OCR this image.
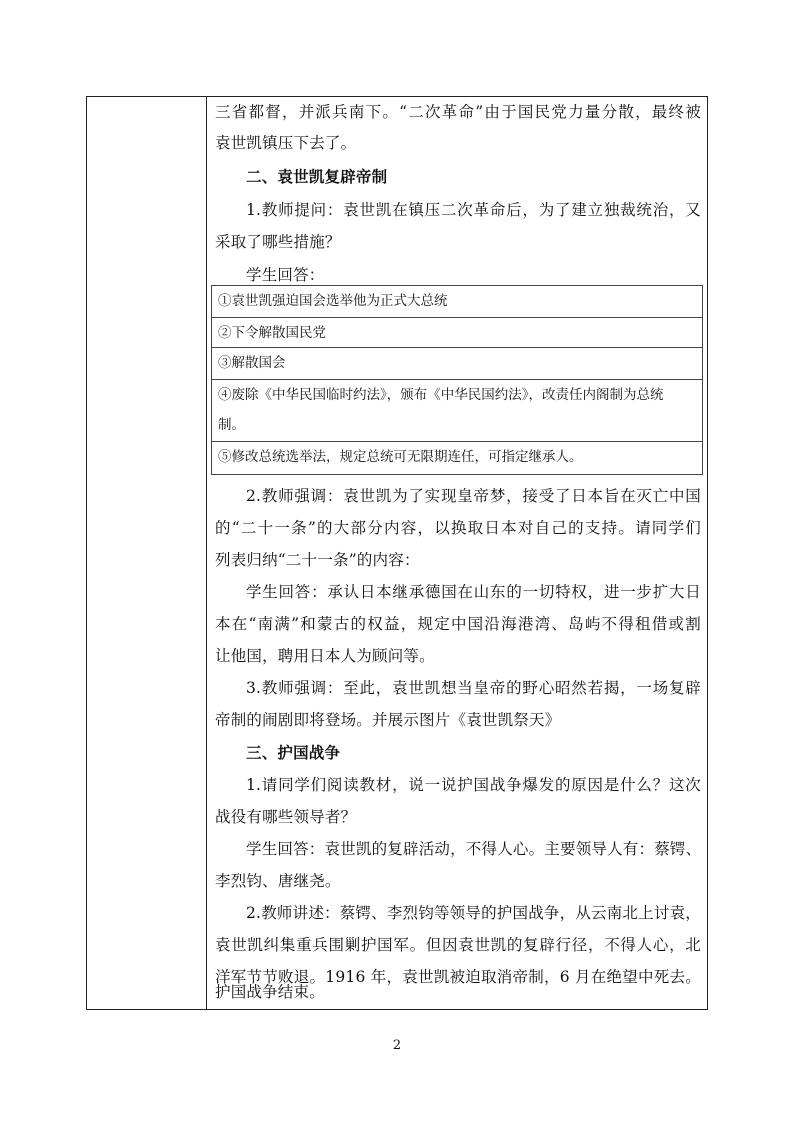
三省都督，并派兵南下。“二次革命”由于国民党力量分散，最终被
袁世凯镇压下去了。
二、袁世凯复辟帝制
1.教师提问：袁世凯在镇压二次革命后，为了建立独裁统治，又
采取了哪些措施？
学生回答：
2.教师强调：袁世凯为了实现皇帝梦，接受了日本旨在灭亡中国
的“二十一条”的大部分内容，以换取日本对自己的支持。请同学们
列表归纳“二十一条”的内容：
学生回答：承认日本继承德国在山东的一切特权，进一步扩大日
本在“南满”和蒙古的权益，规定中国沿海港湾、岛屿不得租借或割
让他国，聘用日本人为顾问等。
3.教师强调：至此，袁世凯想当皇帝的野心昭然若揭，一场复辟
帝制的闹剧即将登场。并展示图片《袁世凯祭天》
三、护国战争
1.请同学们阅读教材，说一说护国战争爆发的原因是什么？这次
战役有哪些领导者？
学生回答：袁世凯的复辟活动，不得人心。主要领导人有：蔡锷、
李烈钧、唐继尧。
2.教师讲述：蔡锷、李烈钧等领导的护国战争，从云南北上讨袁，
袁世凯纠集重兵围剿护国军。但因袁世凯的复辟行径，不得人心，北
洋军节节败退。1916 年，袁世凯被迫取消帝制，6 月在绝望中死去。
护国战争结束。
①袁世凯强迫国会选举他为正式大总统
②下令解散国民党
③解散国会
④废除《中华民国临时约法》，颁布《中华民国约法》，改责任内阁制为总统
制。
⑤修改总统选举法，规定总统可无限期连任，可指定继承人。
2
